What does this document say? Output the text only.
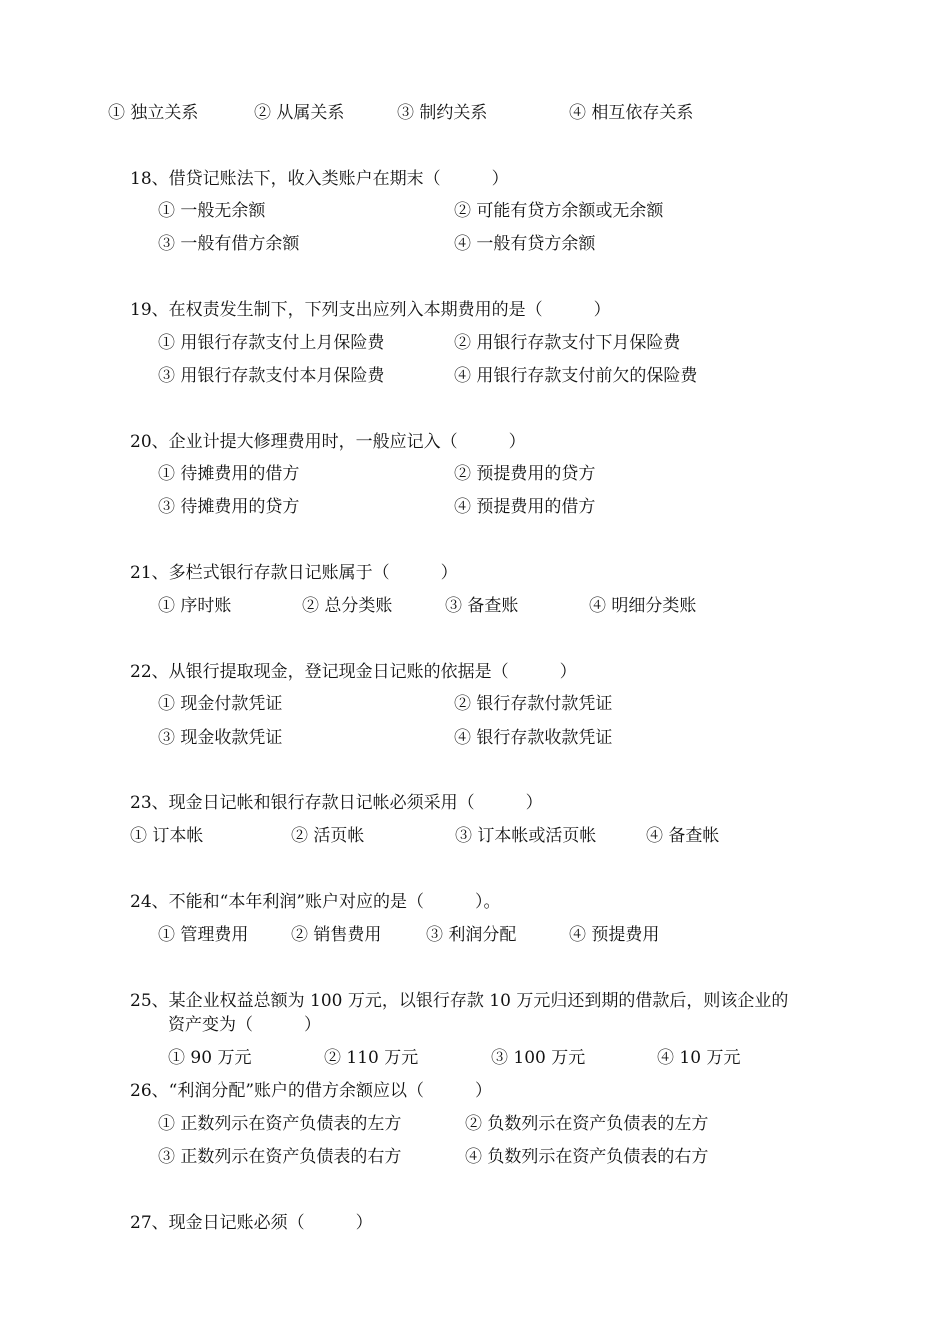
① 独立关系	② 从属关系	③ 制约关系	④ 相互依存关系
18、借贷记账法下，收入类账户在期末（　　　）
① 一般无余额	② 可能有贷方余额或无余额
③ 一般有借方余额	④ 一般有贷方余额
19、在权责发生制下，下列支出应列入本期费用的是（　　　）
① 用银行存款支付上月保险费	② 用银行存款支付下月保险费
③ 用银行存款支付本月保险费	④ 用银行存款支付前欠的保险费
20、企业计提大修理费用时，一般应记入（　　　）
① 待摊费用的借方	② 预提费用的贷方
③ 待摊费用的贷方	④ 预提费用的借方
21、多栏式银行存款日记账属于（　　　）
① 序时账	② 总分类账	③ 备查账	④ 明细分类账
22、从银行提取现金，登记现金日记账的依据是（　　　）
① 现金付款凭证	② 银行存款付款凭证
③ 现金收款凭证	④ 银行存款收款凭证
23、现金日记帐和银行存款日记帐必须采用（　　　）
① 订本帐	② 活页帐	③ 订本帐或活页帐	④ 备查帐
24、不能和“本年利润”账户对应的是（　　　）。
① 管理费用	② 销售费用	③ 利润分配	④ 预提费用
25、某企业权益总额为 100 万元，以银行存款 10 万元归还到期的借款后，则该企业的
资产变为（　　　）
① 90 万元	② 110 万元	③ 100 万元	④ 10 万元
26、“利润分配”账户的借方余额应以（　　　）
① 正数列示在资产负债表的左方	② 负数列示在资产负债表的左方
③ 正数列示在资产负债表的右方	④ 负数列示在资产负债表的右方
27、现金日记账必须（　　　）
